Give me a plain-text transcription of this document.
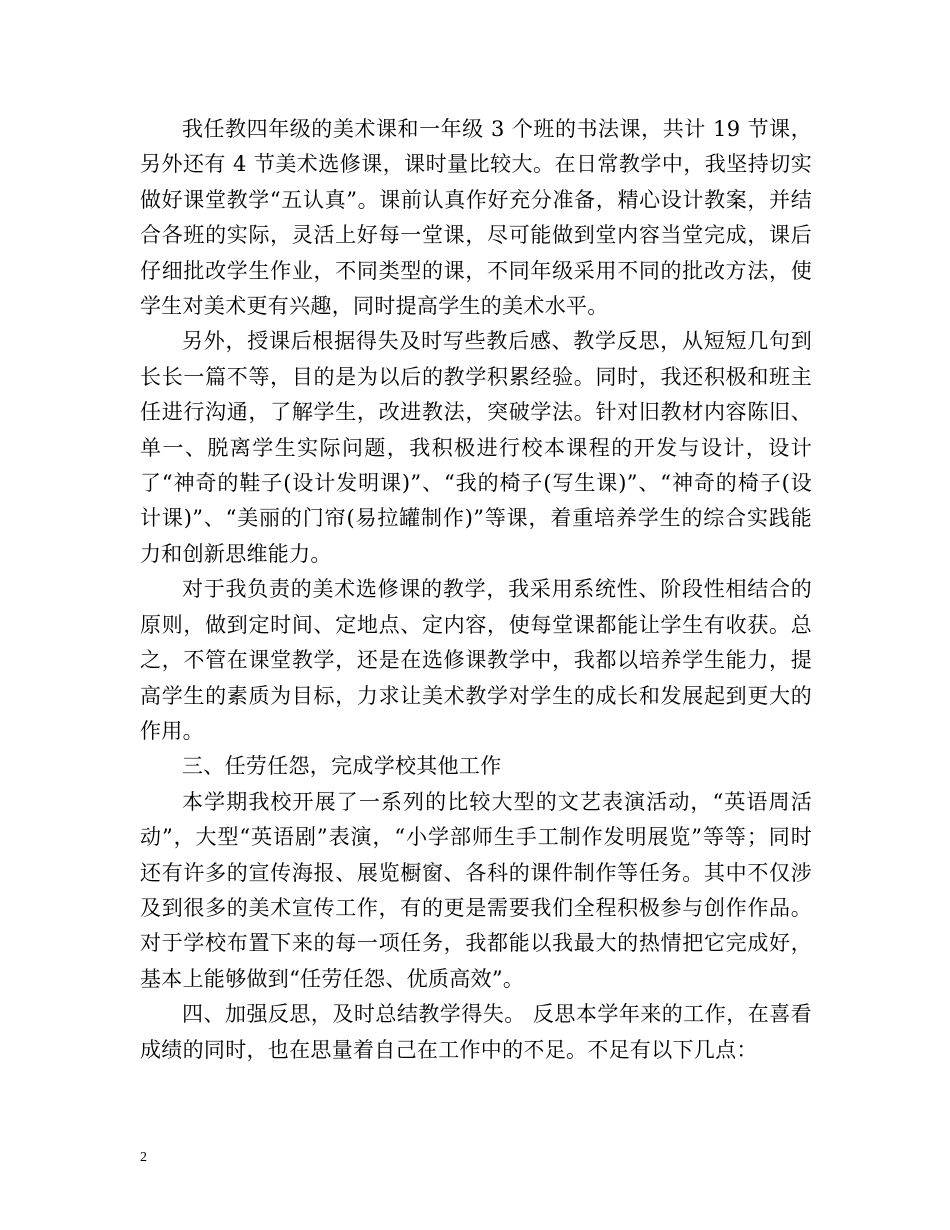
我任教四年级的美术课和一年级 3 个班的书法课，共计 19 节课，另外还有 4 节美术选修课，课时量比较大。在日常教学中，我坚持切实做好课堂教学“五认真”。课前认真作好充分准备，精心设计教案，并结合各班的实际，灵活上好每一堂课，尽可能做到堂内容当堂完成，课后仔细批改学生作业，不同类型的课，不同年级采用不同的批改方法，使学生对美术更有兴趣，同时提高学生的美术水平。

另外，授课后根据得失及时写些教后感、教学反思，从短短几句到长长一篇不等，目的是为以后的教学积累经验。同时，我还积极和班主任进行沟通，了解学生，改进教法，突破学法。针对旧教材内容陈旧、单一、脱离学生实际问题，我积极进行校本课程的开发与设计，设计了“神奇的鞋子(设计发明课)”、“我的椅子(写生课)”、“神奇的椅子(设计课)”、“美丽的门帘(易拉罐制作)”等课，着重培养学生的综合实践能力和创新思维能力。

对于我负责的美术选修课的教学，我采用系统性、阶段性相结合的原则，做到定时间、定地点、定内容，使每堂课都能让学生有收获。总之，不管在课堂教学，还是在选修课教学中，我都以培养学生能力，提高学生的素质为目标，力求让美术教学对学生的成长和发展起到更大的作用。

三、任劳任怨，完成学校其他工作

本学期我校开展了一系列的比较大型的文艺表演活动，“英语周活动”，大型“英语剧”表演，“小学部师生手工制作发明展览”等等；同时还有许多的宣传海报、展览橱窗、各科的课件制作等任务。其中不仅涉及到很多的美术宣传工作，有的更是需要我们全程积极参与创作作品。对于学校布置下来的每一项任务，我都能以我最大的热情把它完成好，基本上能够做到“任劳任怨、优质高效”。

四、加强反思，及时总结教学得失。 反思本学年来的工作，在喜看成绩的同时，也在思量着自己在工作中的不足。不足有以下几点：

2
